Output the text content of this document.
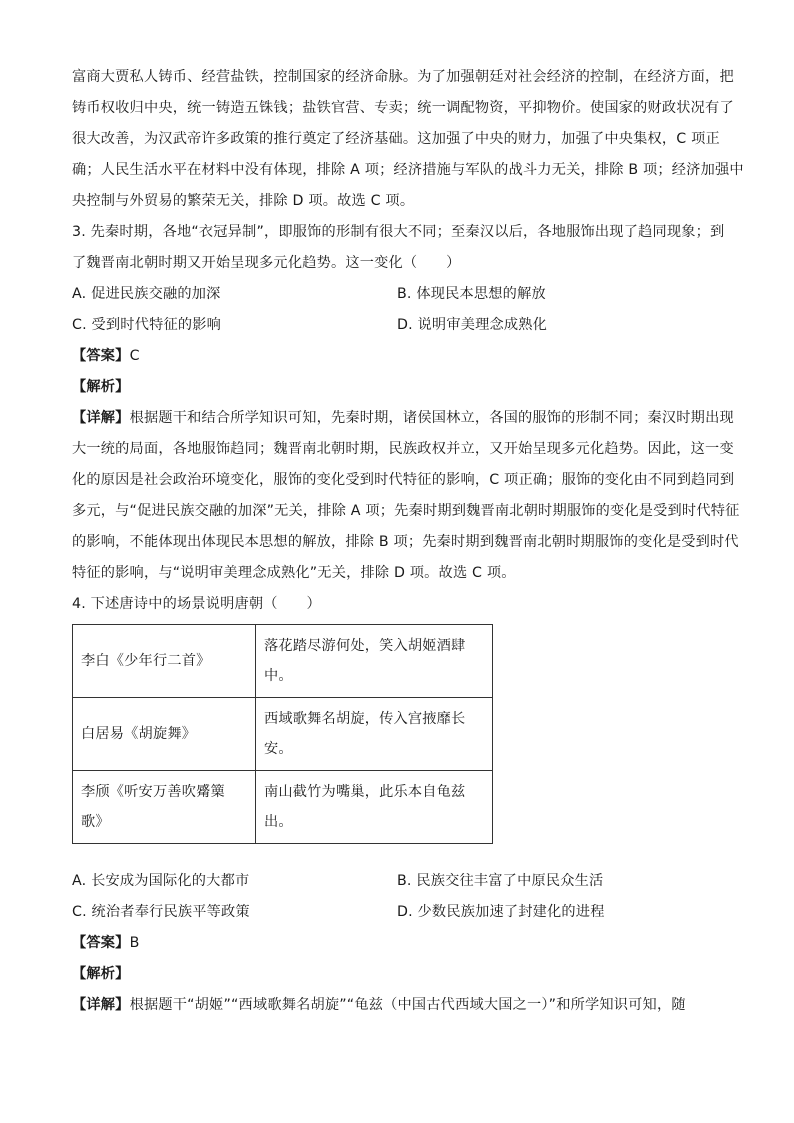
富商大贾私人铸币、经营盐铁，控制国家的经济命脉。为了加强朝廷对社会经济的控制，在经济方面，把
铸币权收归中央，统一铸造五铢钱；盐铁官营、专卖；统一调配物资，平抑物价。使国家的财政状况有了
很大改善，为汉武帝许多政策的推行奠定了经济基础。这加强了中央的财力，加强了中央集权，C 项正
确；人民生活水平在材料中没有体现，排除 A 项；经济措施与军队的战斗力无关，排除 B 项；经济加强中
央控制与外贸易的繁荣无关，排除 D 项。故选 C 项。
3. 先秦时期，各地“衣冠异制”，即服饰的形制有很大不同；至秦汉以后，各地服饰出现了趋同现象；到
了魏晋南北朝时期又开始呈现多元化趋势。这一变化（　　）
A. 促进民族交融的加深	B. 体现民本思想的解放
C. 受到时代特征的影响	D. 说明审美理念成熟化
【答案】C
【解析】
【详解】根据题干和结合所学知识可知，先秦时期，诸侯国林立，各国的服饰的形制不同；秦汉时期出现
大一统的局面，各地服饰趋同；魏晋南北朝时期，民族政权并立，又开始呈现多元化趋势。因此，这一变
化的原因是社会政治环境变化，服饰的变化受到时代特征的影响，C 项正确；服饰的变化由不同到趋同到
多元，与“促进民族交融的加深”无关，排除 A 项；先秦时期到魏晋南北朝时期服饰的变化是受到时代特征
的影响，不能体现出体现民本思想的解放，排除 B 项；先秦时期到魏晋南北朝时期服饰的变化是受到时代
特征的影响，与“说明审美理念成熟化”无关，排除 D 项。故选 C 项。
4. 下述唐诗中的场景说明唐朝（　　）
李白《少年行二首》	落花踏尽游何处，笑入胡姬酒肆
中。
白居易《胡旋舞》	西域歌舞名胡旋，传入宫掖靡长
安。
李颀《听安万善吹觱篥
歌》	南山截竹为嘴巢，此乐本自龟兹
出。
A. 长安成为国际化的大都市	B. 民族交往丰富了中原民众生活
C. 统治者奉行民族平等政策	D. 少数民族加速了封建化的进程
【答案】B
【解析】
【详解】根据题干“胡姬”“西域歌舞名胡旋”“龟兹（中国古代西域大国之一）”和所学知识可知，随
